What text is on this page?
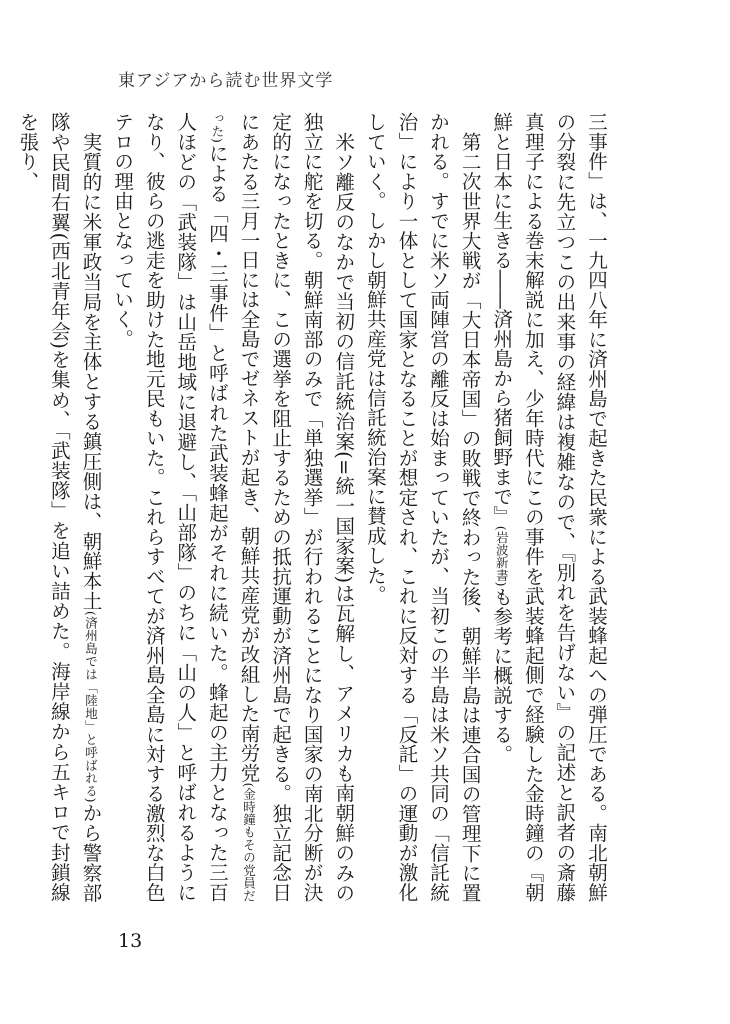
東アジアから読む世界文学

三事件」は、一九四八年に済州島で起きた民衆による武装蜂起への弾圧である。南北朝鮮の分裂に先立つこの出来事の経緯は複雑なので、『別れを告げない』の記述と訳者の斎藤真理子による巻末解説に加え、少年時代にこの事件を武装蜂起側で経験した金時鐘の『朝鮮と日本に生きる――済州島から猪飼野まで』(岩波新書)も参考に概説する。

第二次世界大戦が「大日本帝国」の敗戦で終わった後、朝鮮半島は連合国の管理下に置かれる。すでに米ソ両陣営の離反は始まっていたが、当初この半島は米ソ共同の「信託統治」により一体として国家となることが想定され、これに反対する「反託」の運動が激化していく。しかし朝鮮共産党は信託統治案に賛成した。

米ソ離反のなかで当初の信託統治案(=統一国家案)は瓦解し、アメリカも南朝鮮のみの独立に舵を切る。朝鮮南部のみで「単独選挙」が行われることになり国家の南北分断が決定的になったときに、この選挙を阻止するための抵抗運動が済州島で起きる。独立記念日にあたる三月一日には全島でゼネストが起き、朝鮮共産党が改組した南労党(金時鐘もその党員だった)による「四・三事件」と呼ばれた武装蜂起がそれに続いた。蜂起の主力となった三百人ほどの「武装隊」は山岳地域に退避し、「山部隊」のちに「山の人」と呼ばれるようになり、彼らの逃走を助けた地元民もいた。これらすべてが済州島全島に対する激烈な白色テロの理由となっていく。

実質的に米軍政当局を主体とする鎮圧側は、朝鮮本土(済州島では「陸地」と呼ばれる)から警察部隊や民間右翼(西北青年会)を集め、「武装隊」を追い詰めた。海岸線から五キロで封鎖線を張り、

13
